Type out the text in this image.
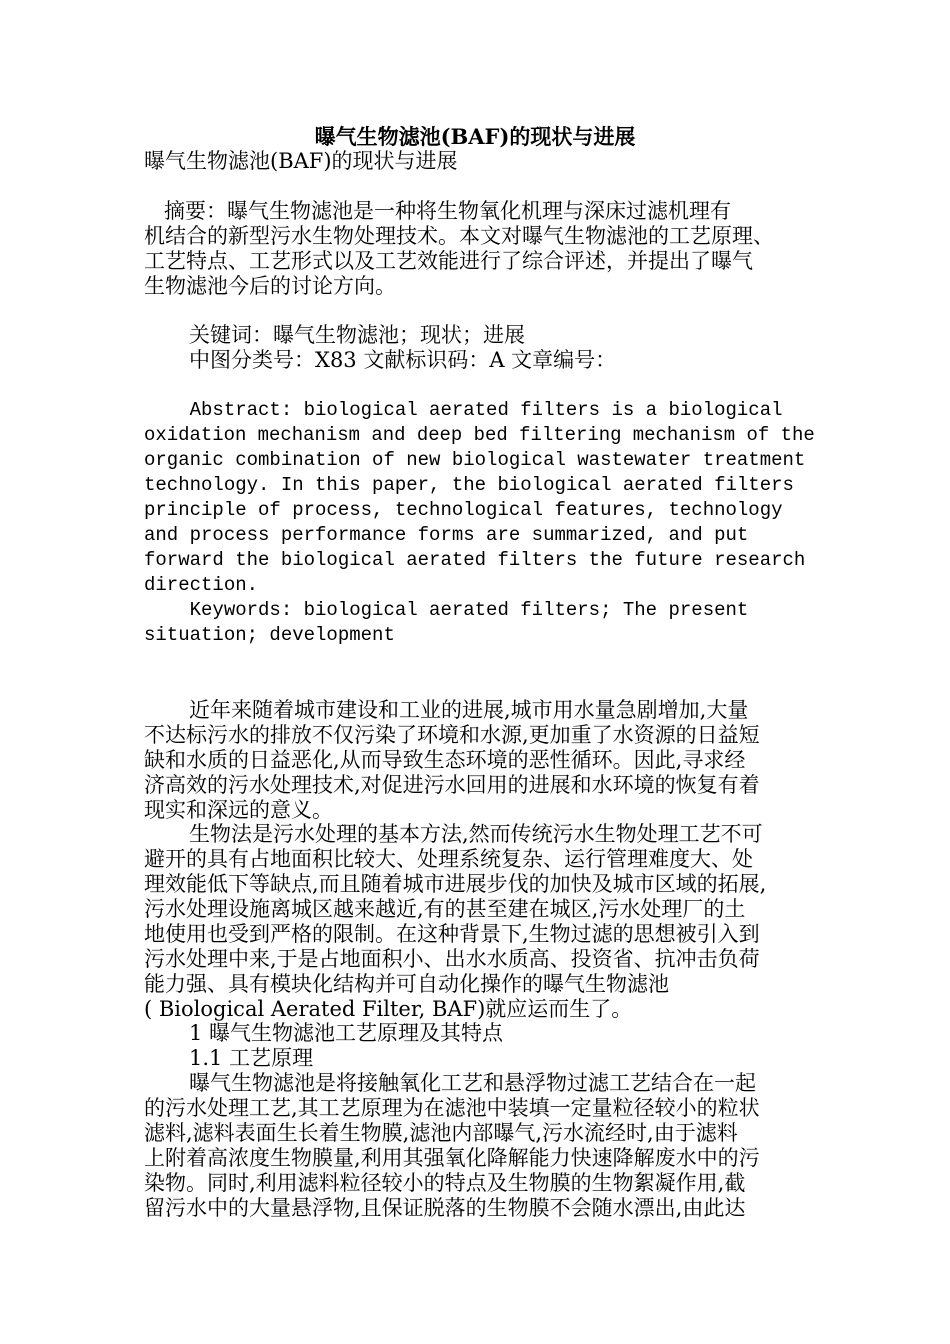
曝气生物滤池(BAF)的现状与进展
曝气生物滤池(BAF)的现状与进展
摘要：曝气生物滤池是一种将生物氧化机理与深床过滤机理有
机结合的新型污水生物处理技术。本文对曝气生物滤池的工艺原理、
工艺特点、工艺形式以及工艺效能进行了综合评述，并提出了曝气
生物滤池今后的讨论方向。
关键词：曝气生物滤池；现状；进展
中图分类号：X83 文献标识码：A 文章编号：
Abstract: biological aerated filters is a biological
oxidation mechanism and deep bed filtering mechanism of the
organic combination of new biological wastewater treatment
technology. In this paper, the biological aerated filters
principle of process, technological features, technology
and process performance forms are summarized, and put
forward the biological aerated filters the future research
direction.
Keywords: biological aerated filters; The present
situation; development
近年来随着城市建设和工业的进展,城市用水量急剧增加,大量
不达标污水的排放不仅污染了环境和水源,更加重了水资源的日益短
缺和水质的日益恶化,从而导致生态环境的恶性循环。因此,寻求经
济高效的污水处理技术,对促进污水回用的进展和水环境的恢复有着
现实和深远的意义。
生物法是污水处理的基本方法,然而传统污水生物处理工艺不可
避开的具有占地面积比较大、处理系统复杂、运行管理难度大、处
理效能低下等缺点,而且随着城市进展步伐的加快及城市区域的拓展,
污水处理设施离城区越来越近,有的甚至建在城区,污水处理厂的土
地使用也受到严格的限制。在这种背景下,生物过滤的思想被引入到
污水处理中来,于是占地面积小、出水水质高、投资省、抗冲击负荷
能力强、具有模块化结构并可自动化操作的曝气生物滤池
( Biological Aerated Filter, BAF)就应运而生了。
1 曝气生物滤池工艺原理及其特点
1.1 工艺原理
曝气生物滤池是将接触氧化工艺和悬浮物过滤工艺结合在一起
的污水处理工艺,其工艺原理为在滤池中装填一定量粒径较小的粒状
滤料,滤料表面生长着生物膜,滤池内部曝气,污水流经时,由于滤料
上附着高浓度生物膜量,利用其强氧化降解能力快速降解废水中的污
染物。同时,利用滤料粒径较小的特点及生物膜的生物絮凝作用,截
留污水中的大量悬浮物,且保证脱落的生物膜不会随水漂出,由此达
